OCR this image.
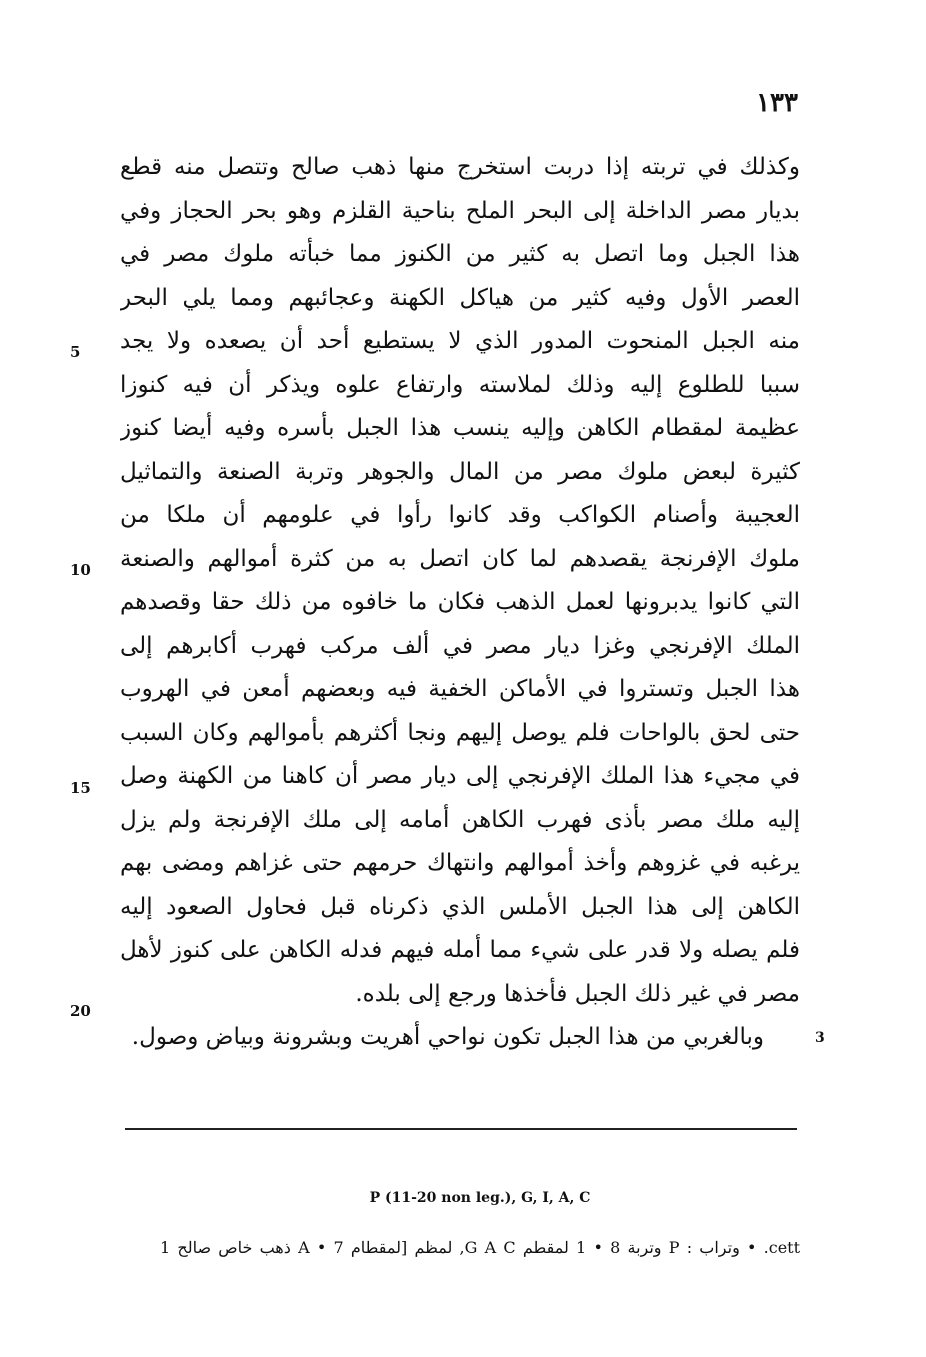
١٣٣
وكذلك في تربته إذا دربت استخرج منها ذهب صالح وتتصل منه قطع
بديار مصر الداخلة إلى البحر الملح بناحية القلزم وهو بحر الحجاز وفي
هذا الجبل وما اتصل به كثير من الكنوز مما خبأته ملوك مصر في
العصر الأول وفيه كثير من هياكل الكهنة وعجائبهم ومما يلي البحر
منه الجبل المنحوت المدور الذي لا يستطيع أحد أن يصعده ولا يجد
سببا للطلوع إليه وذلك لملاسته وارتفاع علوه ويذكر أن فيه كنوزا
عظيمة لمقطام الكاهن وإليه ينسب هذا الجبل بأسره وفيه أيضا كنوز
كثيرة لبعض ملوك مصر من المال والجوهر وتربة الصنعة والتماثيل
العجيبة وأصنام الكواكب وقد كانوا رأوا في علومهم أن ملكا من
ملوك الإفرنجة يقصدهم لما كان اتصل به من كثرة أموالهم والصنعة
التي كانوا يدبرونها لعمل الذهب فكان ما خافوه من ذلك حقا وقصدهم
الملك الإفرنجي وغزا ديار مصر في ألف مركب فهرب أكابرهم إلى
هذا الجبل وتستروا في الأماكن الخفية فيه وبعضهم أمعن في الهروب
حتى لحق بالواحات فلم يوصل إليهم ونجا أكثرهم بأموالهم وكان السبب
في مجيء هذا الملك الإفرنجي إلى ديار مصر أن كاهنا من الكهنة وصل
إليه ملك مصر بأذى فهرب الكاهن أمامه إلى ملك الإفرنجة ولم يزل
يرغبه في غزوهم وأخذ أموالهم وانتهاك حرمهم حتى غزاهم ومضى بهم
الكاهن إلى هذا الجبل الأملس الذي ذكرناه قبل فحاول الصعود إليه
فلم يصله ولا قدر على شيء مما أمله فيهم فدله الكاهن على كنوز لأهل
مصر في غير ذلك الجبل فأخذها ورجع إلى بلده.
وبالغربي من هذا الجبل تكون نواحي أهريت وبشرونة وبياض وصول.
5
10
15
20
3
P (11-20 non leg.), G, I, A, C
cett. • وتراب : P وتربة 8 • 1 لمقطم G A C, لمظم [لمقطام 7 • A ذهب خاص صالح 1
